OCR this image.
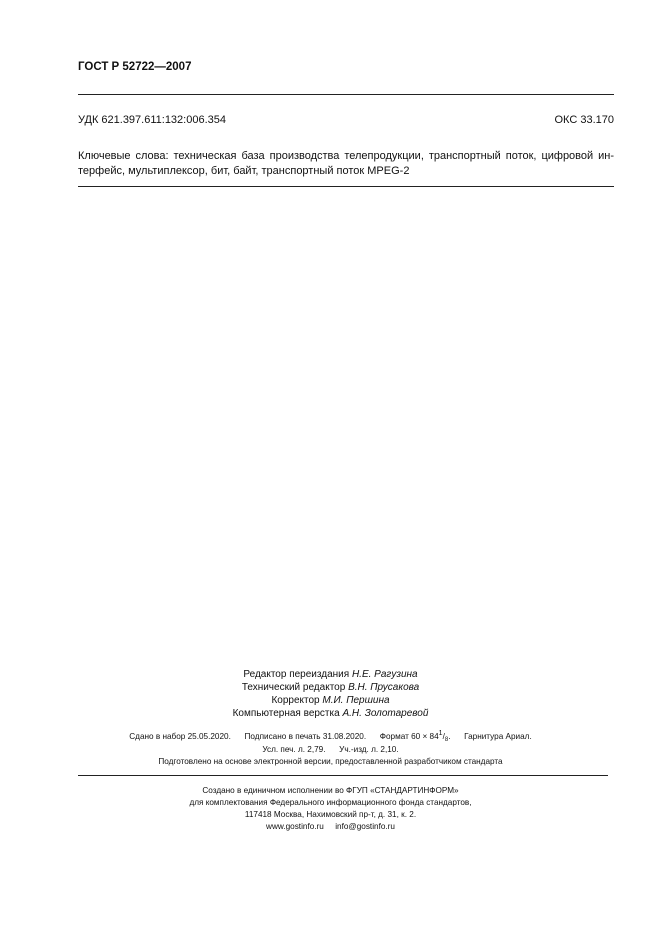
ГОСТ Р 52722—2007
УДК 621.397.611:132:006.354	ОКС 33.170
Ключевые слова: техническая база производства телепродукции, транспортный поток, цифровой ин-
терфейс, мультиплексор, бит, байт, транспортный поток MPEG-2
Редактор переиздания Н.Е. Рагузина
Технический редактор В.Н. Прусакова
Корректор М.И. Першина
Компьютерная верстка А.Н. Золотаревой
Сдано в набор 25.05.2020. Подписано в печать 31.08.2020. Формат $60 \times 841/_8$. Гарнитура Ариал.
Усл. печ. л. 2,79. Уч.-изд. л. 2,10.
Подготовлено на основе электронной версии, предоставленной разработчиком стандарта
Создано в единичном исполнении во ФГУП «СТАНДАРТИНФОРМ»
для комплектования Федерального информационного фонда стандартов,
117418 Москва, Нахимовский пр-т, д. 31, к. 2.
www.gostinfo.ru info@gostinfo.ru
